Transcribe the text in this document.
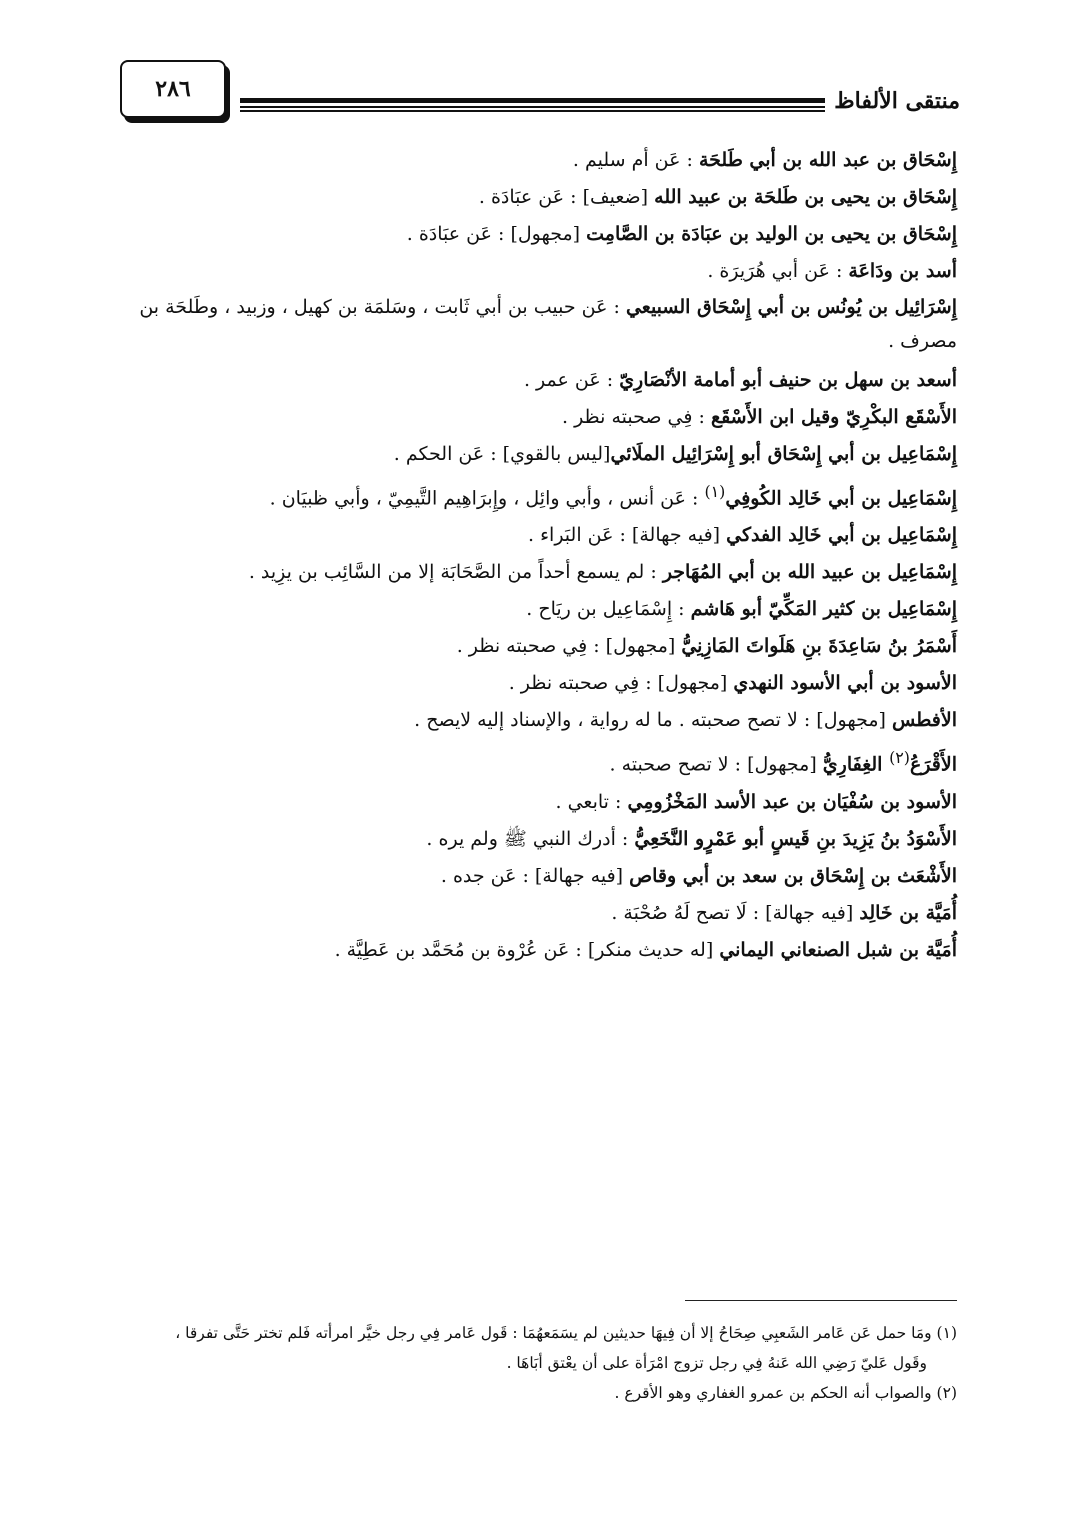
٢٨٦	منتقى الألفاظ
إِسْحَاق بن عبد الله بن أبي طَلحَة : عَن أم سليم .
إِسْحَاق بن يحيى بن طَلحَة بن عبيد الله [ضعيف] : عَن عبَادَة .
إِسْحَاق بن يحيى بن الوليد بن عبَادَة بن الصَّامِت [مجهول] : عَن عبَادَة .
أسد بن ودَاعَة : عَن أبي هُرَيرَة .
إِسْرَائِيل بن يُونُس بن أبي إِسْحَاق السبيعي : عَن حبيب بن أبي ثَابت ، وسَلمَة بن كهيل ، وزبيد ، وطَلحَة بن مصرف .
أسعد بن سهل بن حنيف أبو أمامة الأنْصَارِيّ : عَن عمر .
الأَسْقَع البكْرِيّ وقيل ابن الأَسْقَع : فِي صحبته نظر .
إِسْمَاعِيل بن أبي إِسْحَاق أبو إِسْرَائِيل الملَائي[ليس بالقوي] : عَن الحكم .
إِسْمَاعِيل بن أبي خَالِد الكُوفِي$^{(١)}$ : عَن أنس ، وأبي وائِل ، وإِبرَاهِيم التَّيمِيّ ، وأبي ظبيَان .
إِسْمَاعِيل بن أبي خَالِد الفدكي [فيه جهالة] : عَن البَراء .
إِسْمَاعِيل بن عبيد الله بن أبي المُهَاجر : لم يسمع أحداً من الصَّحَابَة إلا من السَّائِب بن يزِيد .
إِسْمَاعِيل بن كثير المَكِّيّ أبو هَاشم : إِسْمَاعِيل بن ريَاح .
أَسْمَرُ بنُ سَاعِدَةَ بنِ هَلَواتَ المَازِنِيُّ [مجهول] : فِي صحبته نظر .
الأسود بن أبي الأسود النهدي [مجهول] : فِي صحبته نظر .
الأفطس [مجهول] : لا تصح صحبته . ما له رواية ، والإسناد إليه لايصح .
الأَقْرَعُ$^{(٢)}$ الغِفَارِيُّ [مجهول] : لا تصح صحبته .
الأسود بن سُفْيَان بن عبد الأسد المَخْزُومِي : تابعي .
الأَسْوَدُ بنُ يَزِيدَ بنِ قَيسٍ أبو عَمْرٍو النَّخَعِيُّ : أدرك النبي ﷺ ولم يره .
الأَشْعَث بن إِسْحَاق بن سعد بن أبي وقاص [فيه جهالة] : عَن جده .
أُمَيَّة بن خَالِد [فيه جهالة] : لَا تصح لَهُ صُحْبَة .
أُمَيَّة بن شبل الصنعاني اليماني [له حديث منكر] : عَن عُرْوة بن مُحَمَّد بن عَطِيَّة .
(١) ومَا حمل عَن عَامر الشَعبِي صِحَاحُ إلا أن فِيهَا حديثين لم يسَمَعهُمَا : قَول عَامر فِي رجل خيَّر امرأته فَلم تختر حَتَّى تفرقا ،
وقَول عَليّ رَضِي الله عَنهُ فِي رجل تزوج امْرَأة على أن يعْتق أبَاهَا .
(٢) والصواب أنه الحكم بن عمرو الغفاري وهو الأقرع .
